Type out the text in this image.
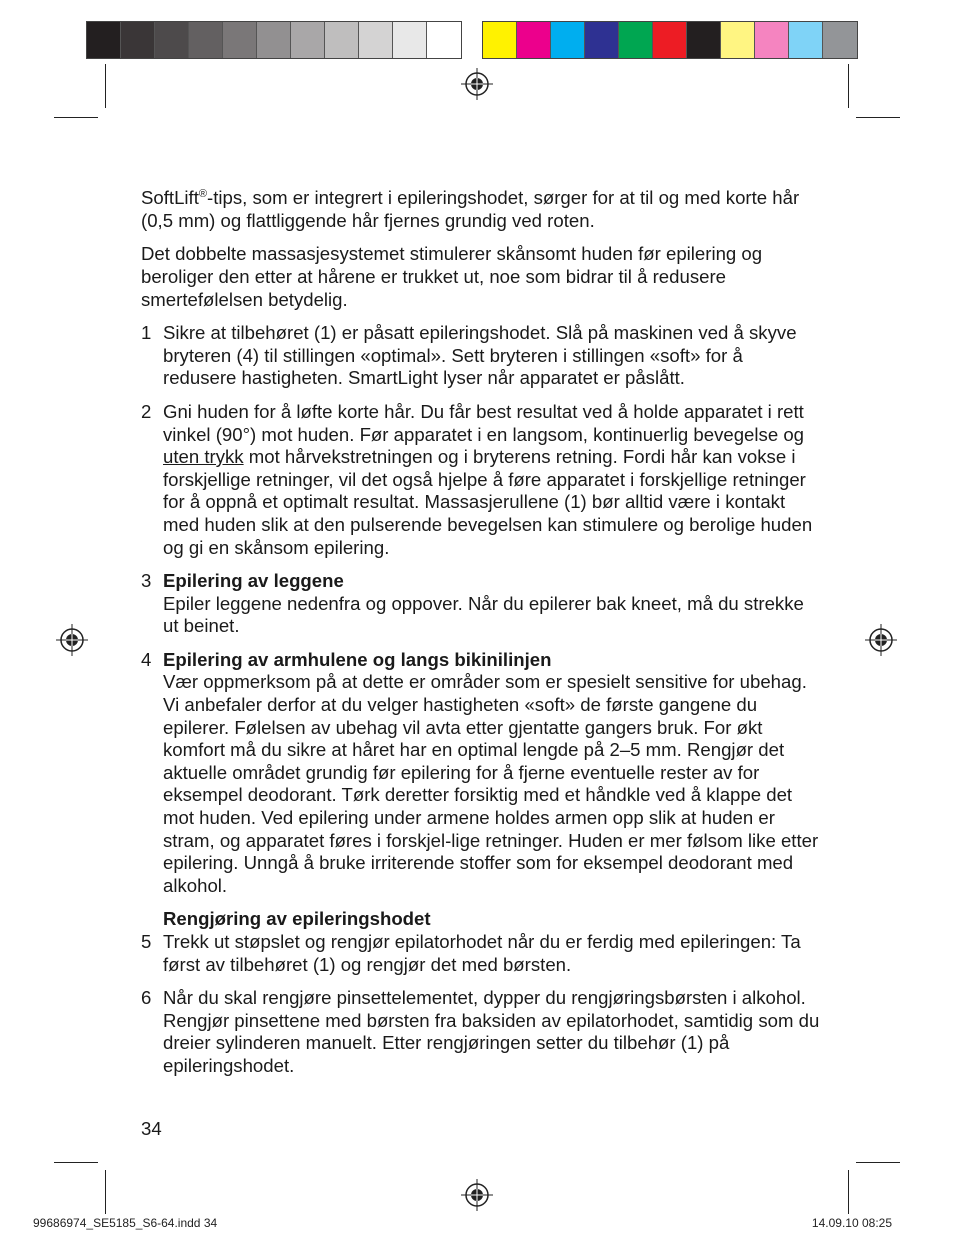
SoftLift®-tips, som er integrert i epileringshodet, sørger for at til og med korte hår (0,5 mm) og flattliggende hår fjernes grundig ved roten.

Det dobbelte massasjesystemet stimulerer skånsomt huden før epilering og beroliger den etter at hårene er trukket ut, noe som bidrar til å redusere smertefølelsen betydelig.

1 Sikre at tilbehøret (1) er påsatt epileringshodet. Slå på maskinen ved å skyve bryteren (4) til stillingen «optimal». Sett bryteren i stillingen «soft» for å redusere hastigheten. SmartLight lyser når apparatet er påslått.
2 Gni huden for å løfte korte hår. Du får best resultat ved å holde apparatet i rett vinkel (90°) mot huden. Før apparatet i en langsom, kontinuerlig bevegelse og uten trykk mot hårvekstretningen og i bryterens retning. Fordi hår kan vokse i forskjellige retninger, vil det også hjelpe å føre apparatet i forskjellige retninger for å oppnå et optimalt resultat. Massasjerullene (1) bør alltid være i kontakt med huden slik at den pulserende bevegelsen kan stimulere og berolige huden og gi en skånsom epilering.
3 Epilering av leggene
Epiler leggene nedenfra og oppover. Når du epilerer bak kneet, må du strekke ut beinet.
4 Epilering av armhulene og langs bikinilinjen
Vær oppmerksom på at dette er områder som er spesielt sensitive for ubehag. Vi anbefaler derfor at du velger hastigheten «soft» de første gangene du epilerer. Følelsen av ubehag vil avta etter gjentatte gangers bruk. For økt komfort må du sikre at håret har en optimal lengde på 2–5 mm. Rengjør det aktuelle området grundig før epilering for å fjerne eventuelle rester av for eksempel deodorant. Tørk deretter forsiktig med et håndkle ved å klappe det mot huden. Ved epilering under armene holdes armen opp slik at huden er stram, og apparatet føres i forskjel-lige retninger. Huden er mer følsom like etter epilering. Unngå å bruke irriterende stoffer som for eksempel deodorant med alkohol.
Rengjøring av epileringshodet
5 Trekk ut støpslet og rengjør epilatorhodet når du er ferdig med epileringen: Ta først av tilbehøret (1) og rengjør det med børsten.
6 Når du skal rengjøre pinsettelementet, dypper du rengjøringsbørsten i alkohol. Rengjør pinsettene med børsten fra baksiden av epilatorhodet, samtidig som du dreier sylinderen manuelt. Etter rengjøringen setter du tilbehør (1) på epileringshodet.
34
99686974_SE5185_S6-64.indd 34	14.09.10 08:25
